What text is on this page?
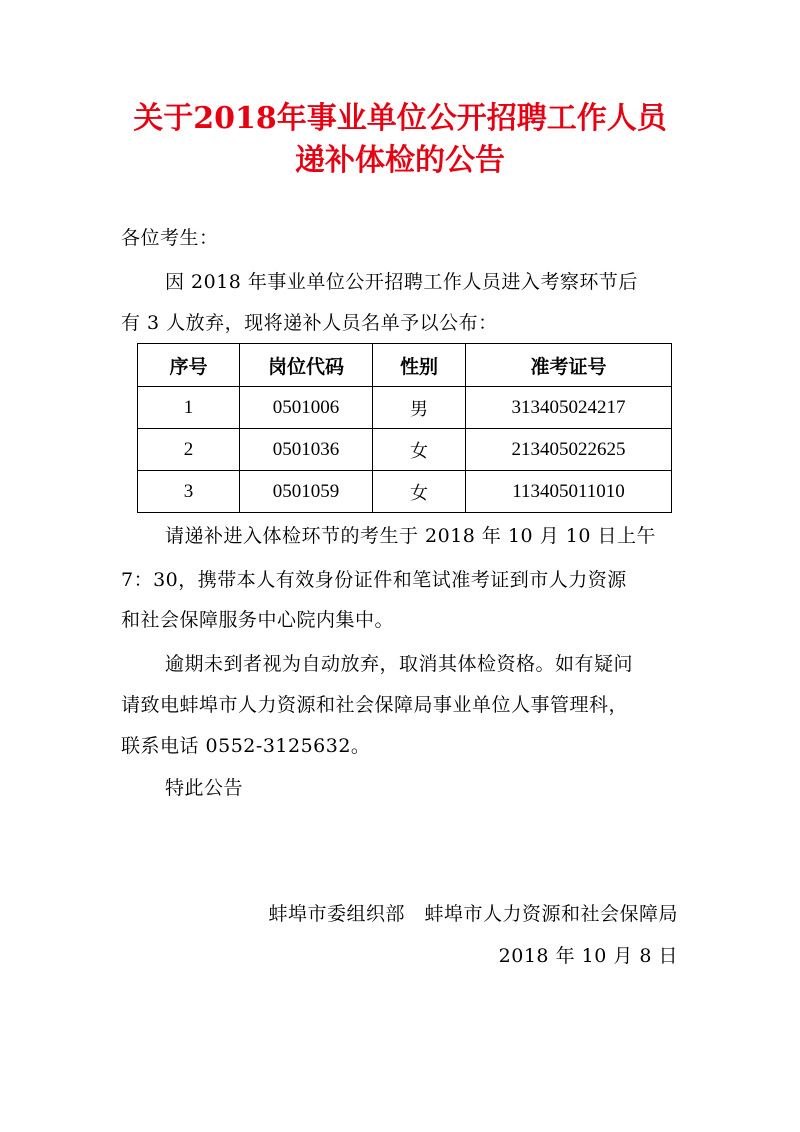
关于2018年事业单位公开招聘工作人员
递补体检的公告
各位考生：
因 2018 年事业单位公开招聘工作人员进入考察环节后
有 3 人放弃，现将递补人员名单予以公布：
序号	岗位代码	性别	准考证号
1	0501006	男	313405024217
2	0501036	女	213405022625
3	0501059	女	113405011010
请递补进入体检环节的考生于 2018 年 10 月 10 日上午
7：30，携带本人有效身份证件和笔试准考证到市人力资源
和社会保障服务中心院内集中。
逾期未到者视为自动放弃，取消其体检资格。如有疑问
请致电蚌埠市人力资源和社会保障局事业单位人事管理科，
联系电话 0552-3125632。
特此公告
蚌埠市委组织部　蚌埠市人力资源和社会保障局
2018 年 10 月 8 日
